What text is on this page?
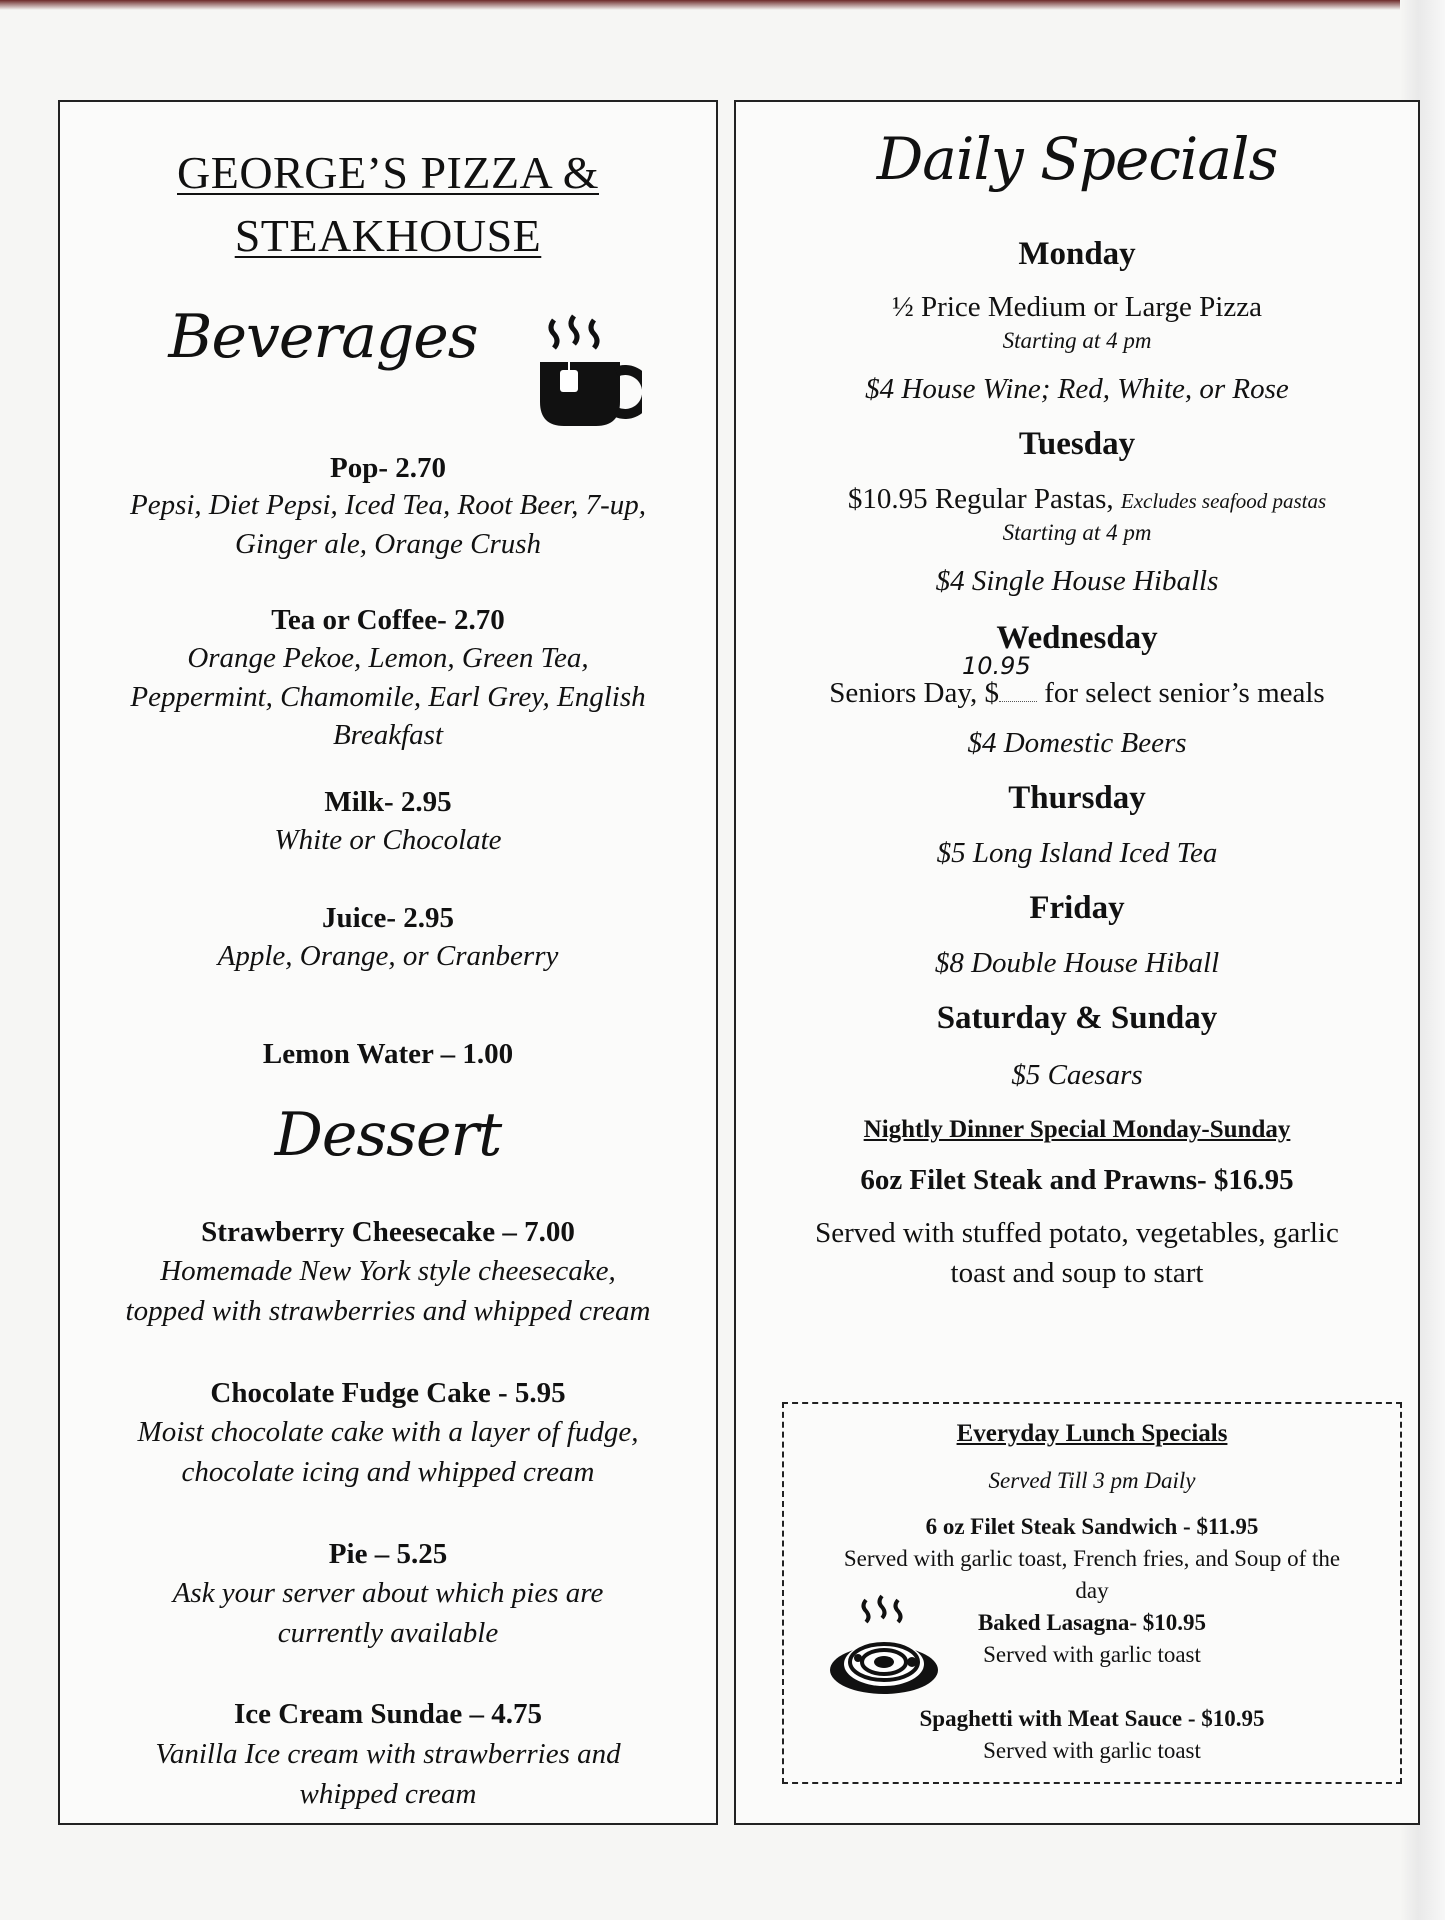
GEORGE’S PIZZA &
STEAKHOUSE
Beverages
Pop- 2.70
Pepsi, Diet Pepsi, Iced Tea, Root Beer, 7-up,
Ginger ale, Orange Crush
Tea or Coffee- 2.70
Orange Pekoe, Lemon, Green Tea,
Peppermint, Chamomile, Earl Grey, English
Breakfast
Milk- 2.95
White or Chocolate
Juice- 2.95
Apple, Orange, or Cranberry
Lemon Water – 1.00
Dessert
Strawberry Cheesecake – 7.00
Homemade New York style cheesecake,
topped with strawberries and whipped cream
Chocolate Fudge Cake - 5.95
Moist chocolate cake with a layer of fudge,
chocolate icing and whipped cream
Pie – 5.25
Ask your server about which pies are
currently available
Ice Cream Sundae – 4.75
Vanilla Ice cream with strawberries and
whipped cream
Daily Specials
Monday
½ Price Medium or Large Pizza
Starting at 4 pm
$4 House Wine; Red, White, or Rose
Tuesday
$10.95 Regular Pastas, Excludes seafood pastas
Starting at 4 pm
$4 Single House Hiballs
Wednesday
10.95
Seniors Day, $ for select senior’s meals
$4 Domestic Beers
Thursday
$5 Long Island Iced Tea
Friday
$8 Double House Hiball
Saturday & Sunday
$5 Caesars
Nightly Dinner Special Monday-Sunday
6oz Filet Steak and Prawns- $16.95
Served with stuffed potato, vegetables, garlic
toast and soup to start
Everyday Lunch Specials
Served Till 3 pm Daily
6 oz Filet Steak Sandwich - $11.95
Served with garlic toast, French fries, and Soup of the
day
Baked Lasagna- $10.95
Served with garlic toast
Spaghetti with Meat Sauce - $10.95
Served with garlic toast
